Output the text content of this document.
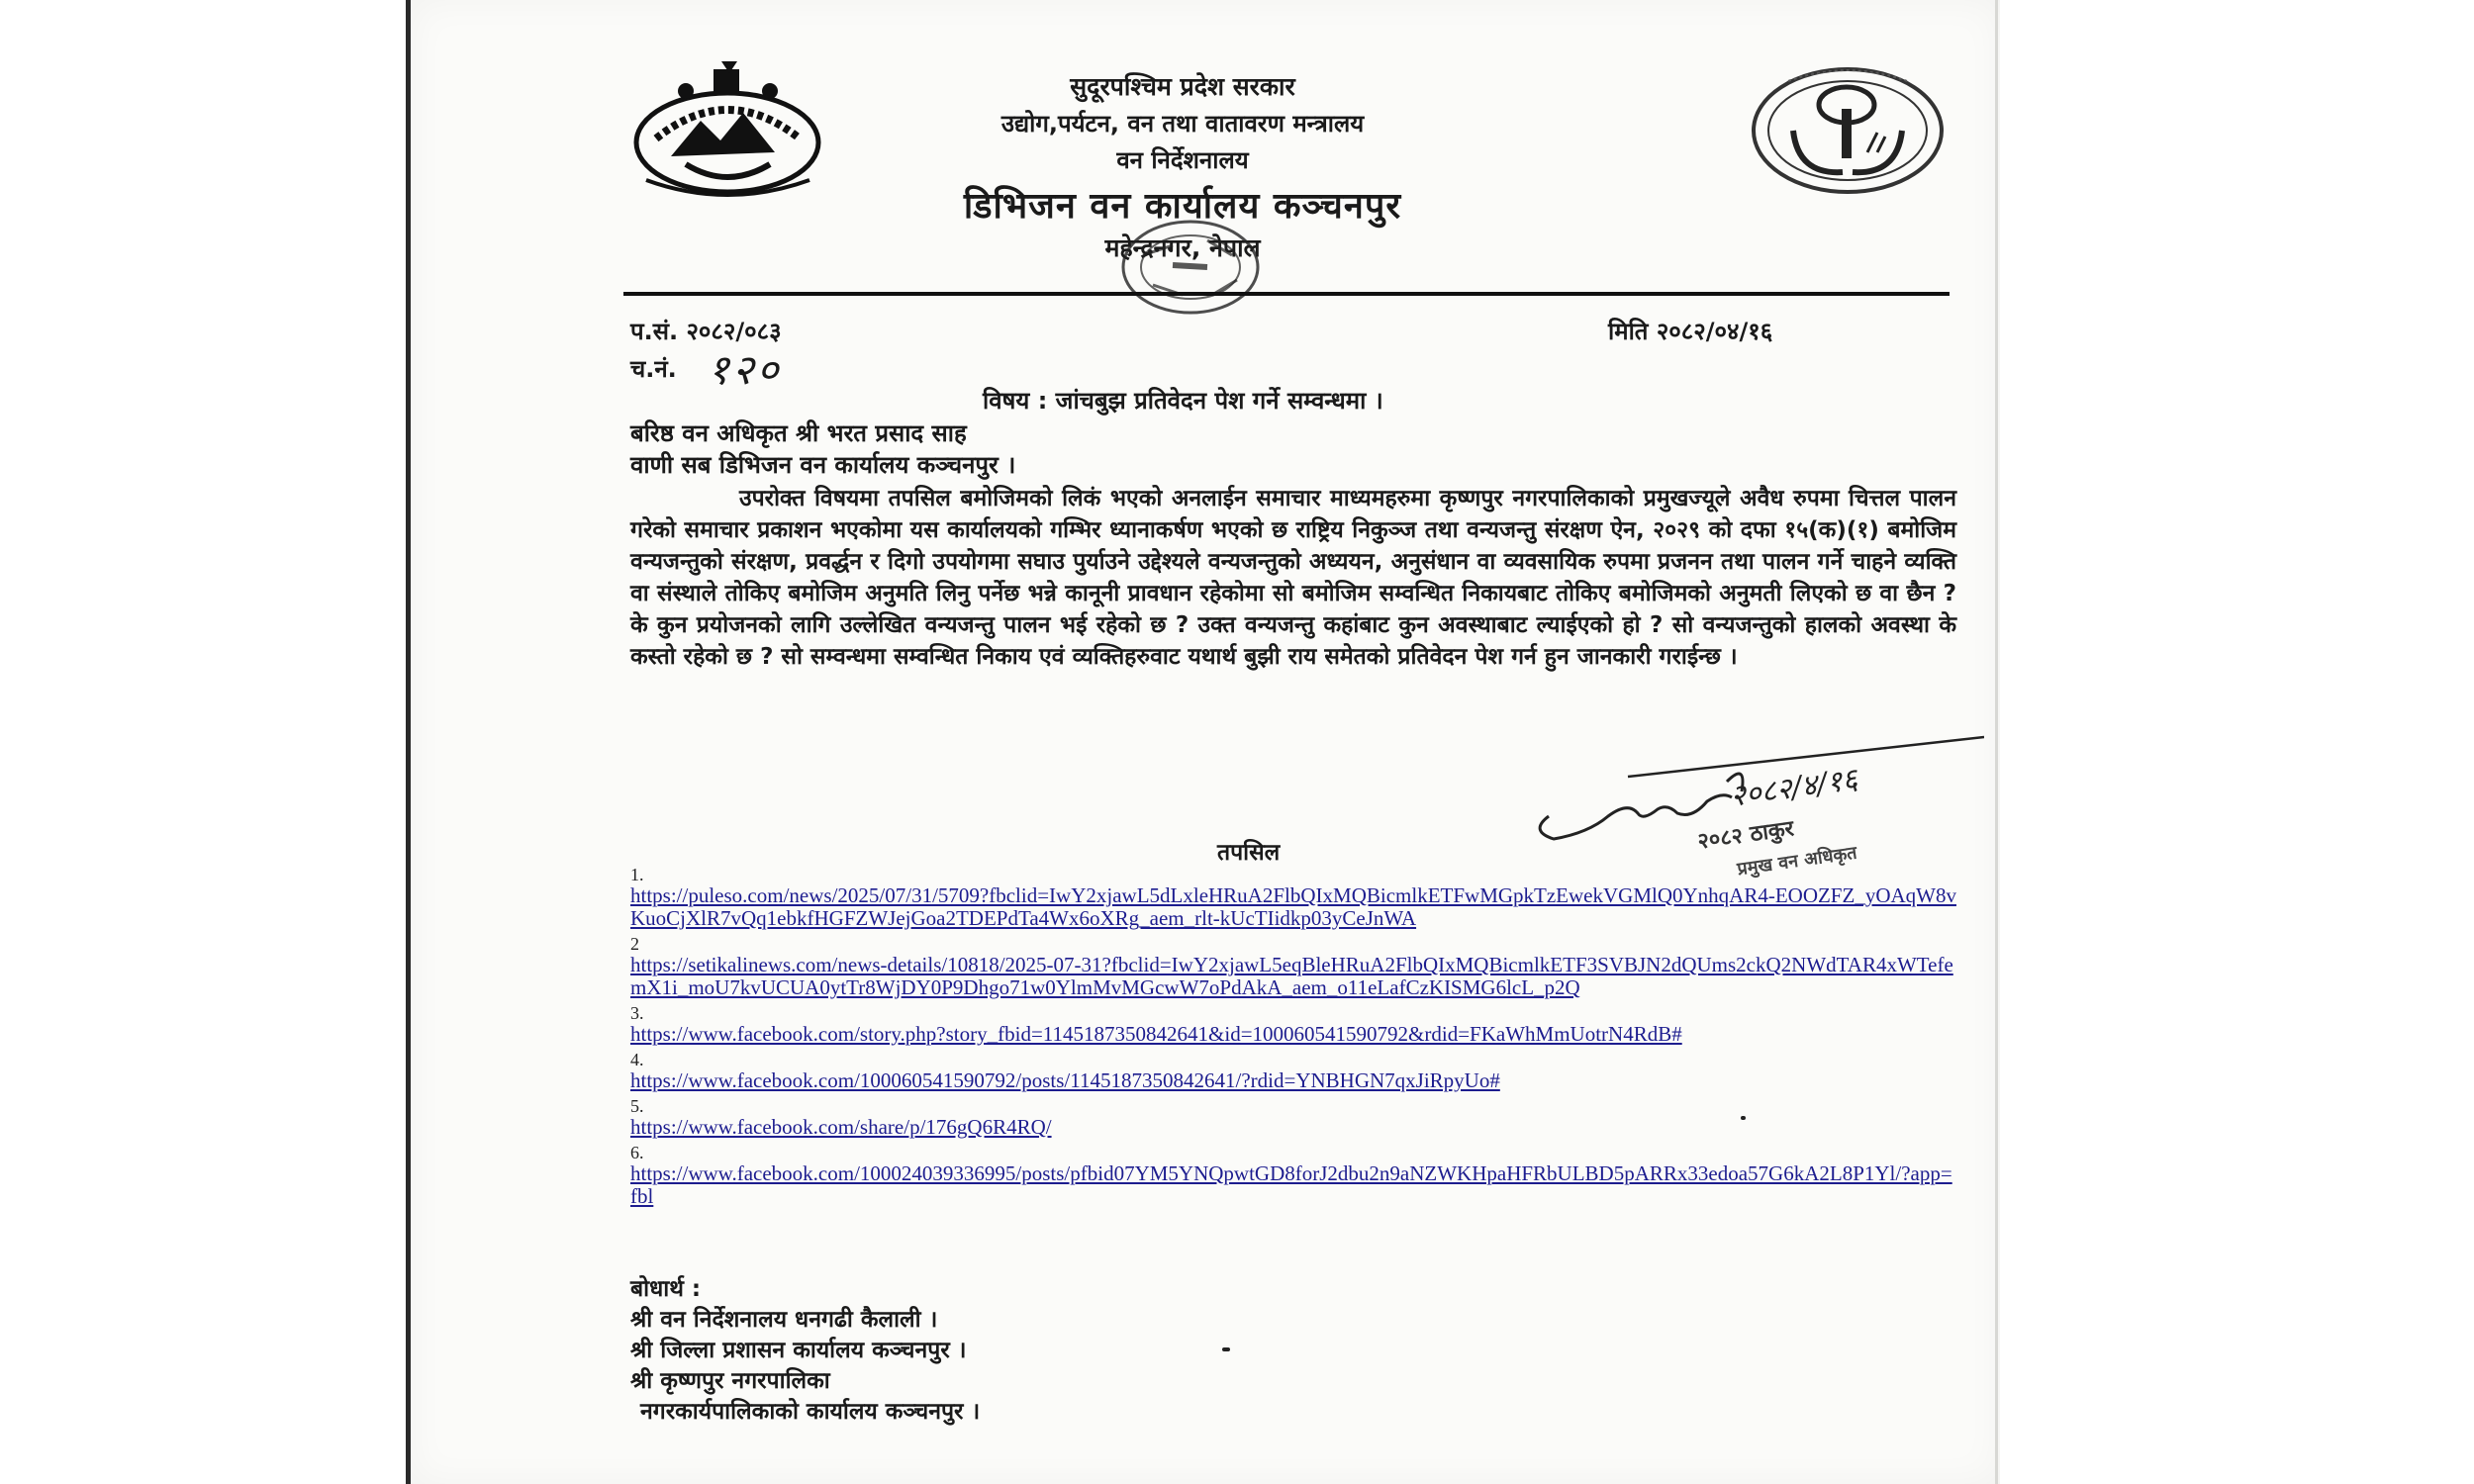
सुदूरपश्चिम प्रदेश सरकार
उद्योग,पर्यटन, वन तथा वातावरण मन्त्रालय
वन निर्देशनालय
डिभिजन वन कार्यालय कञ्चनपुर
महेन्द्रनगर, नेपाल
प.सं. २०८२/०८३
च.नं. १२०
मिति २०८२/०४/१६
विषय : जांचबुझ प्रतिवेदन पेश गर्ने सम्वन्धमा ।
बरिष्ठ वन अधिकृत श्री भरत प्रसाद साह
वाणी सब डिभिजन वन कार्यालय कञ्चनपुर ।
उपरोक्त विषयमा तपसिल बमोजिमको लिकं भएको अनलाईन समाचार माध्यमहरुमा कृष्णपुर नगरपालिकाको प्रमुखज्यूले अवैध रुपमा चित्तल पालन गरेको समाचार प्रकाशन भएकोमा यस कार्यालयको गम्भिर ध्यानाकर्षण भएको छ राष्ट्रिय निकुञ्ज तथा वन्यजन्तु संरक्षण ऐन, २०२९ को दफा १५(क)(१) बमोजिम वन्यजन्तुको संरक्षण, प्रवर्द्धन र दिगो उपयोगमा सघाउ पुर्याउने उद्देश्यले वन्यजन्तुको अध्ययन, अनुसंधान वा व्यवसायिक रुपमा प्रजनन तथा पालन गर्ने चाहने व्यक्ति वा संस्थाले तोकिए बमोजिम अनुमति लिनु पर्नेछ भन्ने कानूनी प्रावधान रहेकोमा सो बमोजिम सम्वन्धित निकायबाट तोकिए बमोजिमको अनुमती लिएको छ वा छैन ? के कुन प्रयोजनको लागि उल्लेखित वन्यजन्तु पालन भई रहेको छ ? उक्त वन्यजन्तु कहांबाट कुन अवस्थाबाट ल्याईएको हो ? सो वन्यजन्तुको हालको अवस्था के कस्तो रहेको छ ? सो सम्वन्धमा सम्वन्धित निकाय एवं व्यक्तिहरुवाट यथार्थ बुझी राय समेतको प्रतिवेदन पेश गर्न हुन जानकारी गराईन्छ ।
२०८२/४/१६
२०८२ ठाकुर
प्रमुख वन अधिकृत
तपसिल
1.
https://puleso.com/news/2025/07/31/5709?fbclid=IwY2xjawL5dLxleHRuA2FlbQIxMQBicmlkETFwMGpkTzEwekVGMlQ0YnhqAR4-EOOZFZ_yOAqW8vKuoCjXlR7vQq1ebkfHGFZWJejGoa2TDEPdTa4Wx6oXRg_aem_rlt-kUcTIidkp03yCeJnWA
2
https://setikalinews.com/news-details/10818/2025-07-31?fbclid=IwY2xjawL5eqBleHRuA2FlbQIxMQBicmlkETF3SVBJN2dQUms2ckQ2NWdTAR4xWTefemX1i_moU7kvUCUA0ytTr8WjDY0P9Dhgo71w0YlmMvMGcwW7oPdAkA_aem_o11eLafCzKISMG6lcL_p2Q
3.
https://www.facebook.com/story.php?story_fbid=1145187350842641&id=100060541590792&rdid=FKaWhMmUotrN4RdB#
4.
https://www.facebook.com/100060541590792/posts/1145187350842641/?rdid=YNBHGN7qxJiRpyUo#
5.
https://www.facebook.com/share/p/176gQ6R4RQ/
6.
https://www.facebook.com/100024039336995/posts/pfbid07YM5YNQpwtGD8forJ2dbu2n9aNZWKHpaHFRbULBD5pARRx33edoa57G6kA2L8P1Yl/?app=fbl
बोधार्थ :
श्री वन निर्देशनालय धनगढी कैलाली ।
श्री जिल्ला प्रशासन कार्यालय कञ्चनपुर ।
श्री कृष्णपुर नगरपालिका
नगरकार्यपालिकाको कार्यालय कञ्चनपुर ।
